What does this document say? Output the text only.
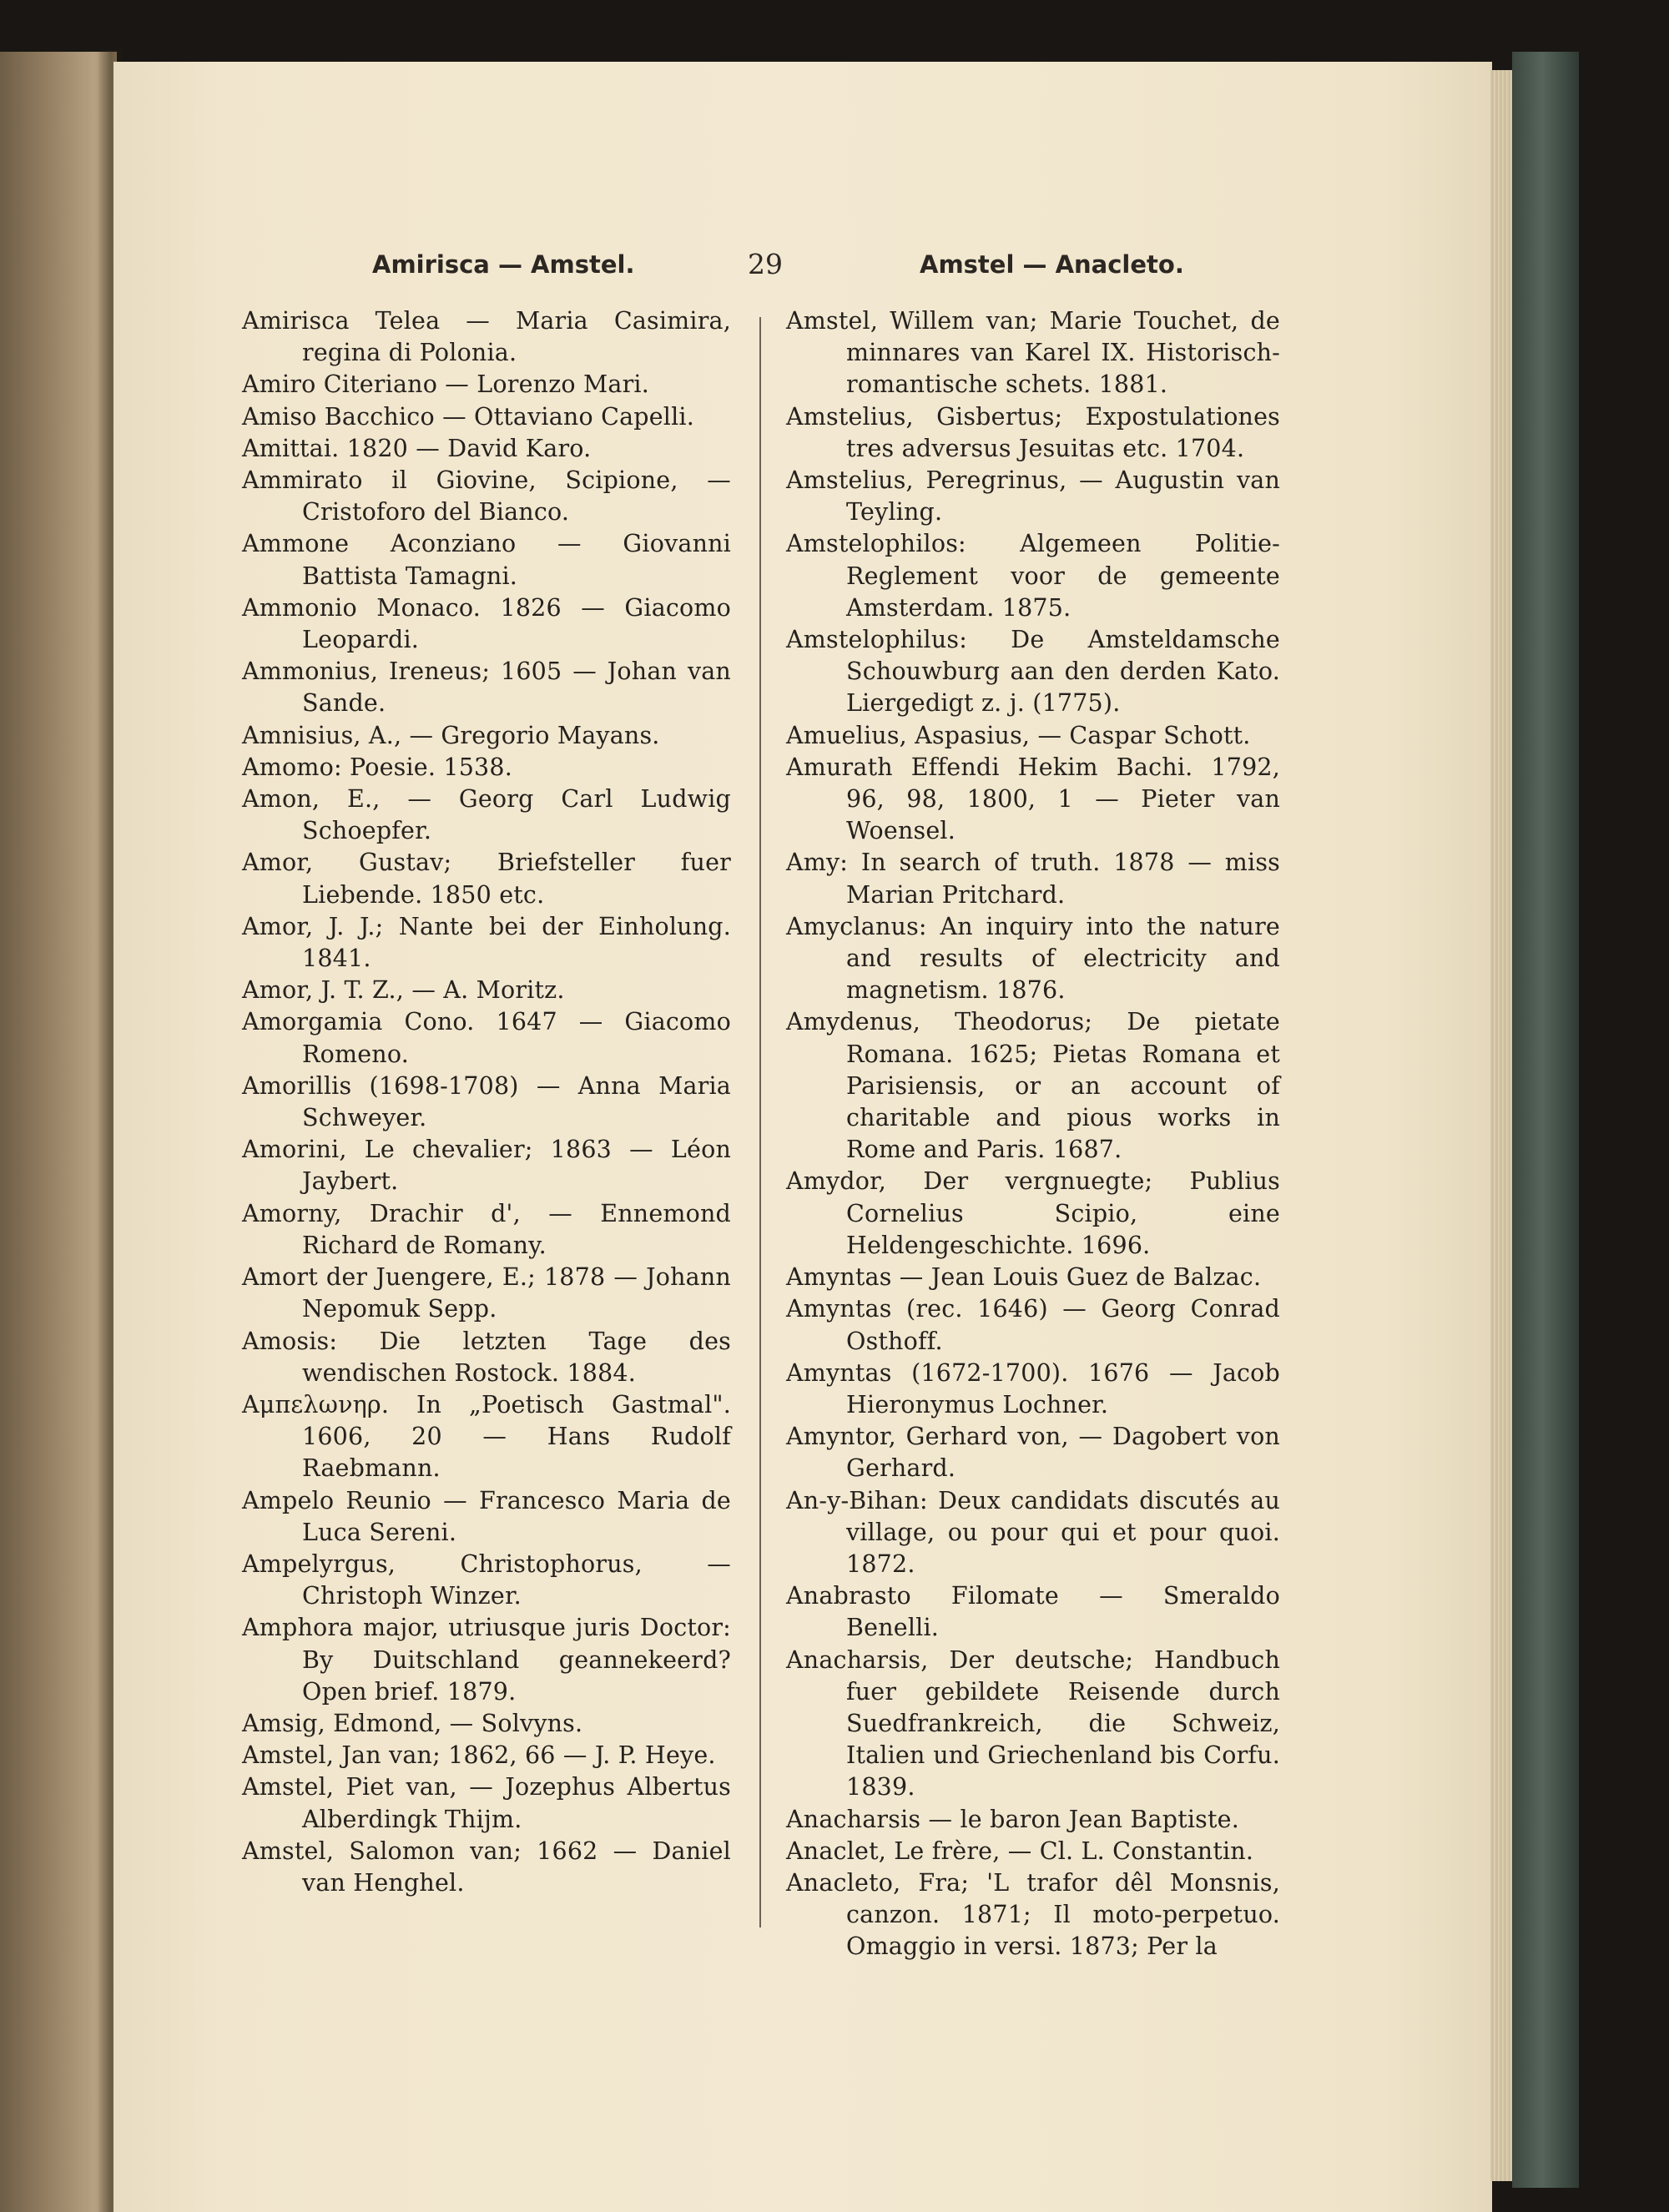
Amirisca — Amstel.	29	Amstel — Anacleto.
Amirisca Telea — Maria Casimira, regina di Polonia.
Amiro Citeriano — Lorenzo Mari.
Amiso Bacchico — Ottaviano Capelli.
Amittai. 1820 — David Karo.
Ammirato il Giovine, Scipione, — Cristoforo del Bianco.
Ammone Aconziano — Giovanni Battista Tamagni.
Ammonio Monaco. 1826 — Giacomo Leopardi.
Ammonius, Ireneus; 1605 — Johan van Sande.
Amnisius, A., — Gregorio Mayans.
Amomo: Poesie. 1538.
Amon, E., — Georg Carl Ludwig Schoepfer.
Amor, Gustav; Briefsteller fuer Liebende. 1850 etc.
Amor, J. J.; Nante bei der Einholung. 1841.
Amor, J. T. Z., — A. Moritz.
Amorgamia Cono. 1647 — Giacomo Romeno.
Amorillis (1698-1708) — Anna Maria Schweyer.
Amorini, Le chevalier; 1863 — Léon Jaybert.
Amorny, Drachir d', — Ennemond Richard de Romany.
Amort der Juengere, E.; 1878 — Johann Nepomuk Sepp.
Amosis: Die letzten Tage des wendischen Rostock. 1884.
Αμπελωνηρ. In „Poetisch Gastmal". 1606, 20 — Hans Rudolf Raebmann.
Ampelo Reunio — Francesco Maria de Luca Sereni.
Ampelyrgus, Christophorus, — Christoph Winzer.
Amphora major, utriusque juris Doctor: By Duitschland geannekeerd? Open brief. 1879.
Amsig, Edmond, — Solvyns.
Amstel, Jan van; 1862, 66 — J. P. Heye.
Amstel, Piet van, — Jozephus Albertus Alberdingk Thijm.
Amstel, Salomon van; 1662 — Daniel van Henghel.
Amstel, Willem van; Marie Touchet, de minnares van Karel IX. Historisch-romantische schets. 1881.
Amstelius, Gisbertus; Expostulationes tres adversus Jesuitas etc. 1704.
Amstelius, Peregrinus, — Augustin van Teyling.
Amstelophilos: Algemeen Politie-Reglement voor de gemeente Amsterdam. 1875.
Amstelophilus: De Amsteldamsche Schouwburg aan den derden Kato. Liergedigt z. j. (1775).
Amuelius, Aspasius, — Caspar Schott.
Amurath Effendi Hekim Bachi. 1792, 96, 98, 1800, 1 — Pieter van Woensel.
Amy: In search of truth. 1878 — miss Marian Pritchard.
Amyclanus: An inquiry into the nature and results of electricity and magnetism. 1876.
Amydenus, Theodorus; De pietate Romana. 1625; Pietas Romana et Parisiensis, or an account of charitable and pious works in Rome and Paris. 1687.
Amydor, Der vergnuegte; Publius Cornelius Scipio, eine Heldengeschichte. 1696.
Amyntas — Jean Louis Guez de Balzac.
Amyntas (rec. 1646) — Georg Conrad Osthoff.
Amyntas (1672-1700). 1676 — Jacob Hieronymus Lochner.
Amyntor, Gerhard von, — Dagobert von Gerhard.
An-y-Bihan: Deux candidats discutés au village, ou pour qui et pour quoi. 1872.
Anabrasto Filomate — Smeraldo Benelli.
Anacharsis, Der deutsche; Handbuch fuer gebildete Reisende durch Suedfrankreich, die Schweiz, Italien und Griechenland bis Corfu. 1839.
Anacharsis — le baron Jean Baptiste.
Anaclet, Le frère, — Cl. L. Constantin.
Anacleto, Fra; 'L trafor dêl Monsnis, canzon. 1871; Il moto-perpetuo. Omaggio in versi. 1873; Per la
